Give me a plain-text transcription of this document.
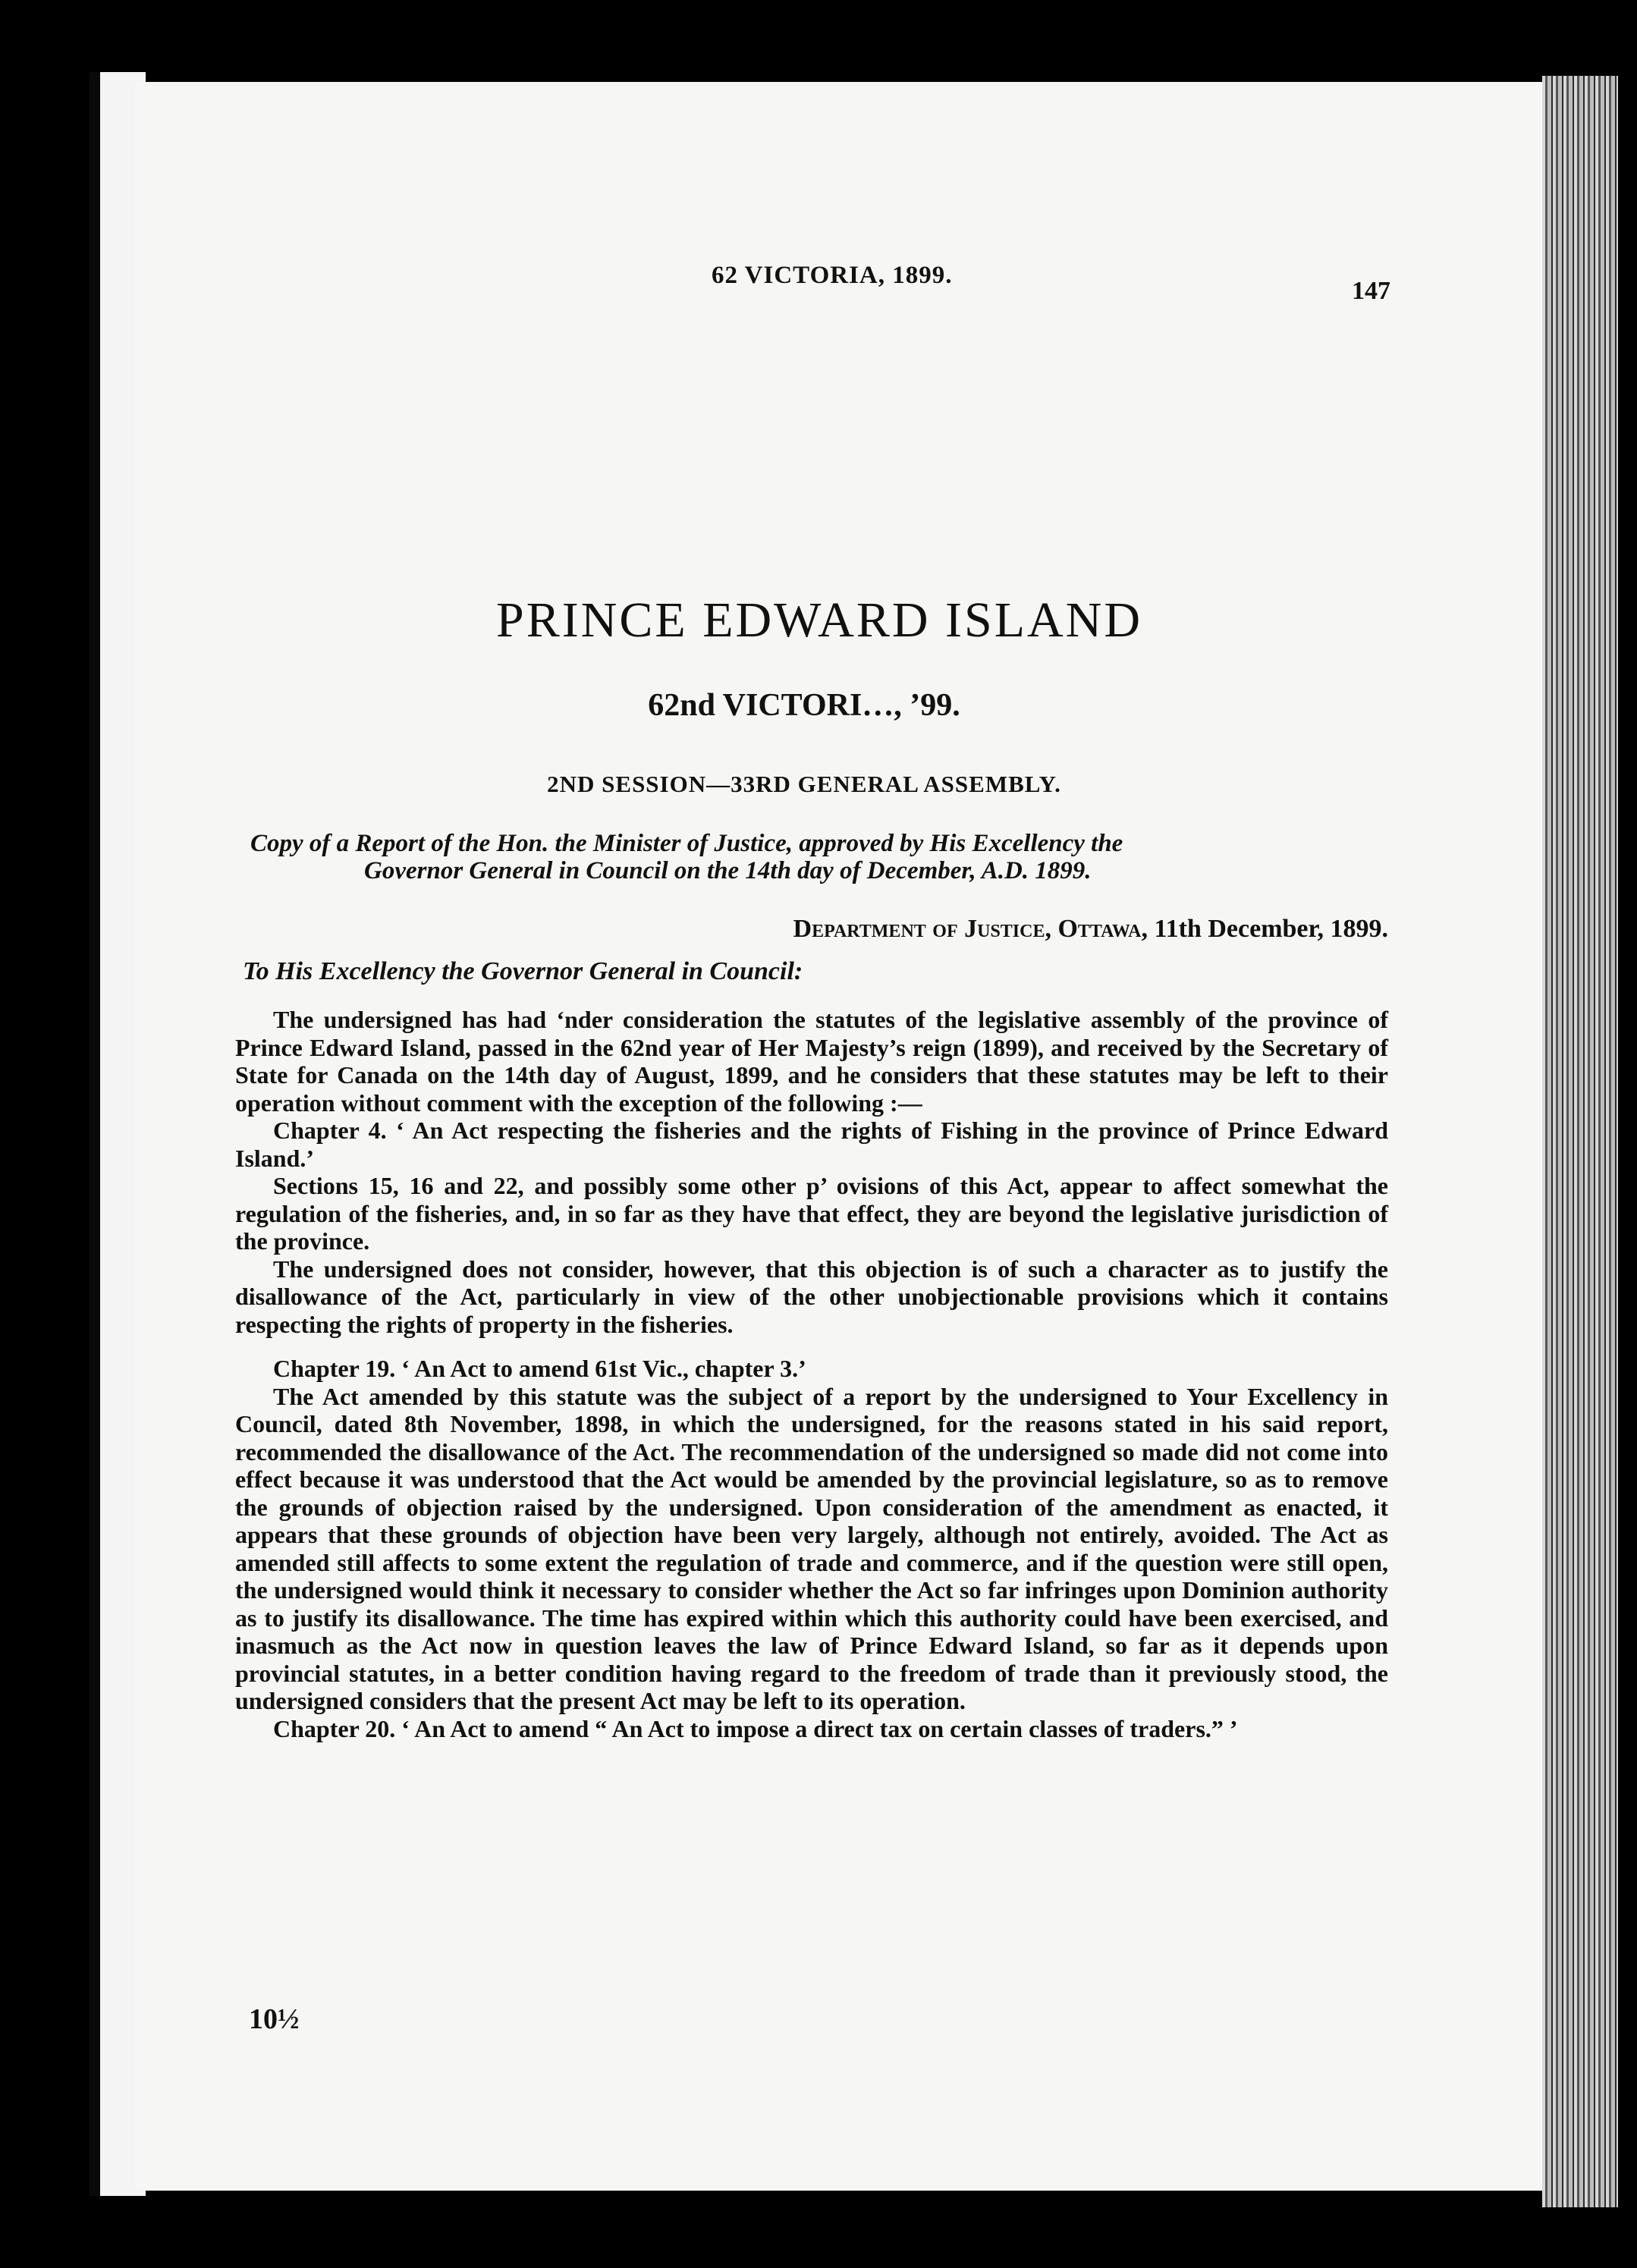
62 VICTORIA, 1899.
147
PRINCE EDWARD ISLAND
62nd VICTORI…, ’99.
2ND SESSION—33RD GENERAL ASSEMBLY.
Copy of a Report of the Hon. the Minister of Justice, approved by His Excellency the
Governor General in Council on the 14th day of December, A.D. 1899.
Department of Justice, Ottawa, 11th December, 1899.
To His Excellency the Governor General in Council:

The undersigned has had ‘nder consideration the statutes of the legislative assembly of the province of Prince Edward Island, passed in the 62nd year of Her Majesty’s reign (1899), and received by the Secretary of State for Canada on the 14th day of August, 1899, and he considers that these statutes may be left to their operation without comment with the exception of the following :—

Chapter 4. ‘ An Act respecting the fisheries and the rights of Fishing in the province of Prince Edward Island.’

Sections 15, 16 and 22, and possibly some other p’ ovisions of this Act, appear to affect somewhat the regulation of the fisheries, and, in so far as they have that effect, they are beyond the legislative jurisdiction of the province.

The undersigned does not consider, however, that this objection is of such a character as to justify the disallowance of the Act, particularly in view of the other unobjectionable provisions which it contains respecting the rights of property in the fisheries.

Chapter 19. ‘ An Act to amend 61st Vic., chapter 3.’

The Act amended by this statute was the subject of a report by the undersigned to Your Excellency in Council, dated 8th November, 1898, in which the undersigned, for the reasons stated in his said report, recommended the disallowance of the Act. The recommendation of the undersigned so made did not come into effect because it was understood that the Act would be amended by the provincial legislature, so as to remove the grounds of objection raised by the undersigned. Upon consideration of the amendment as enacted, it appears that these grounds of objection have been very largely, although not entirely, avoided. The Act as amended still affects to some extent the regulation of trade and commerce, and if the question were still open, the undersigned would think it necessary to consider whether the Act so far infringes upon Dominion authority as to justify its disallowance. The time has expired within which this authority could have been exercised, and inasmuch as the Act now in question leaves the law of Prince Edward Island, so far as it depends upon provincial statutes, in a better condition having regard to the freedom of trade than it previously stood, the undersigned considers that the present Act may be left to its operation.

Chapter 20. ‘ An Act to amend “ An Act to impose a direct tax on certain classes of traders.” ’

10½
